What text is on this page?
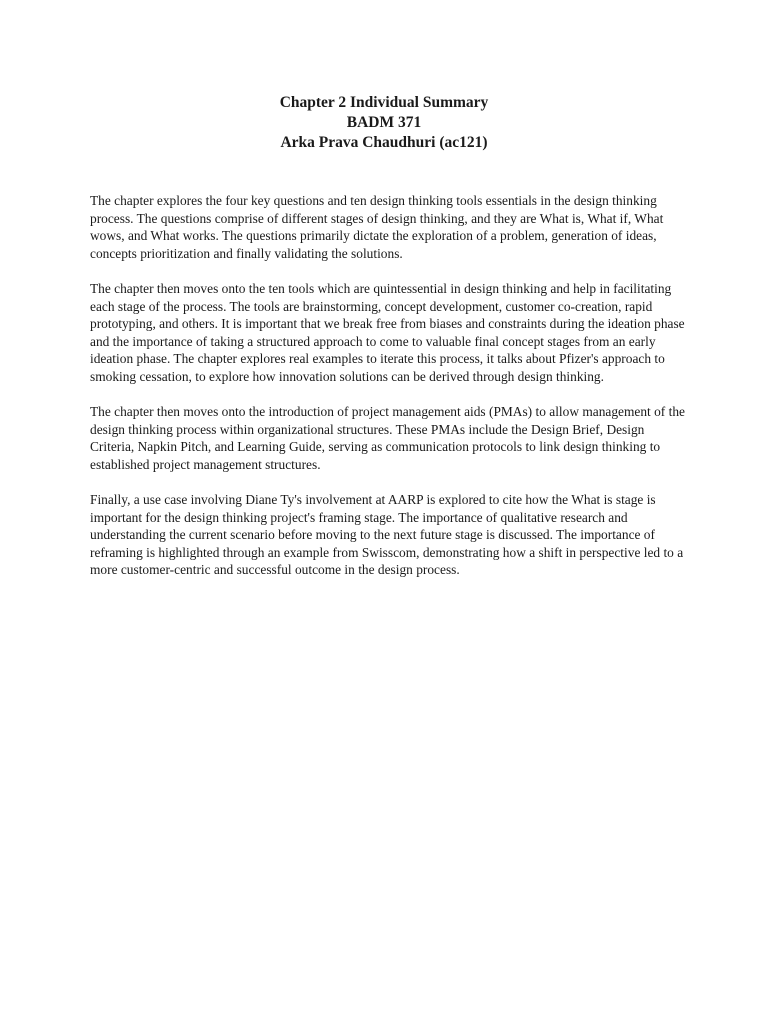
Chapter 2 Individual Summary
BADM 371
Arka Prava Chaudhuri (ac121)

The chapter explores the four key questions and ten design thinking tools essentials in the design thinking process. The questions comprise of different stages of design thinking, and they are What is, What if, What wows, and What works. The questions primarily dictate the exploration of a problem, generation of ideas, concepts prioritization and finally validating the solutions.

The chapter then moves onto the ten tools which are quintessential in design thinking and help in facilitating each stage of the process. The tools are brainstorming, concept development, customer co-creation, rapid prototyping, and others. It is important that we break free from biases and constraints during the ideation phase and the importance of taking a structured approach to come to valuable final concept stages from an early ideation phase. The chapter explores real examples to iterate this process, it talks about Pfizer's approach to smoking cessation, to explore how innovation solutions can be derived through design thinking.

The chapter then moves onto the introduction of project management aids (PMAs) to allow management of the design thinking process within organizational structures. These PMAs include the Design Brief, Design Criteria, Napkin Pitch, and Learning Guide, serving as communication protocols to link design thinking to established project management structures.

Finally, a use case involving Diane Ty's involvement at AARP is explored to cite how the What is stage is important for the design thinking project's framing stage. The importance of qualitative research and understanding the current scenario before moving to the next future stage is discussed. The importance of reframing is highlighted through an example from Swisscom, demonstrating how a shift in perspective led to a more customer-centric and successful outcome in the design process.
